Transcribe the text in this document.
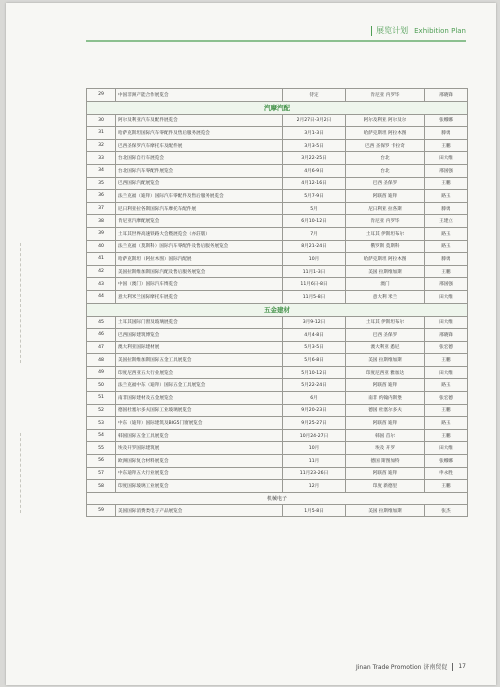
展览计划 Exhibition Plan
29	中国非洲产能合作展览会	待定	肯尼亚 内罗毕	邢晓锋
汽摩汽配				
30	阿尔及利亚汽车及配件展览会	2月27日-3月2日	阿尔及利亚 阿尔及尔	张娜娜
31	哈萨克斯坦国际汽车零配件及售后服务展览会	3月1-3日	哈萨克斯坦 阿拉木图	滕勇
32	巴西圣保罗汽车摩托车及配件展	3月3-5日	巴西 圣保罗 卡拉奇	王鹏
33	台北国际自行车展览会	3月22-25日	台北	田大维
34	台北国际汽车零配件展览会	4月6-9日	台北	邢国强
35	巴西国际汽配展览会	4月12-16日	巴西 圣保罗	王鹏
36	法兰克福（迪拜）国际汽车零配件及售后服务展览会	5月7-9日	阿联酋 迪拜	路玉
37	尼日利亚拉各斯国际汽车摩托车配件展	5月	尼日利亚 拉各斯	滕勇
38	肯尼亚汽摩配展览会	6月10-12日	肯尼亚 内罗毕	王建立
39	土耳其世界高速铁路大会暨展览会（亦莊版）	7月	土耳其 伊斯坦布尔	路玉
40	法兰克福（莫斯科）国际汽车零配件及售后服务展览会	8月21-24日	俄罗斯 莫斯科	路玉
41	哈萨克斯坦（阿拉木图）国际汽配展	10月	哈萨克斯坦 阿拉木图	滕勇
42	美国拉斯维加斯国际汽配及售后服务展览会	11月1-3日	美国 拉斯维加斯	王鹏
43	中国（澳门）国际汽车博览会	11月6日-8日	澳门	邢国强
44	意大利米兰国际摩托车展览会	11月5-8日	意大利 米兰	田大维
五金建材				
45	土耳其国际门窗及玻璃展览会	3月9-12日	土耳其 伊斯坦布尔	田大维
46	巴西国际建筑博览会	4月4-8日	巴西 圣保罗	邢晓锋
47	澳大利亚国际建材展	5月3-5日	澳大利亚 悉尼	张宏德
48	美国拉斯维加斯国际五金工具展览会	5月6-8日	美国 拉斯维加斯	王鹏
49	印度尼西亚五大行业展览会	5月10-12日	印度尼西亚 雅加达	田大维
50	法兰克福中东（迪拜）国际五金工具展览会	5月22-24日	阿联酋 迪拜	路玉
51	南非国际建材及五金展览会	6月	南非 约翰内斯堡	张宏德
52	德国杜塞尔多夫国际工业玻璃展览会	9月20-23日	德国 杜塞尔多夫	王鹏
53	中东（迪拜）国际建筑及BIG5门窗展览会	9月25-27日	阿联酋 迪拜	路玉
54	韩国国际五金工具展览会	10月24-27日	韩国 首尔	王鹏
55	埃及开罗国际建筑展	10月	埃及 开罗	田大维
56	欧洲国际复合材料展览会	11月	德国 斯图加特	张娜娜
57	中东迪拜五大行业展览会	11月23-26日	阿联酋 迪拜	申永胜
58	印度国际玻璃工业展览会	12月	印度 新德里	王鹏
机械电子				
59	美国国际消费类电子产品展览会	1月5-8日	美国 拉斯维加斯	张杰
Jinan Trade Promotion 济南贸促 17
